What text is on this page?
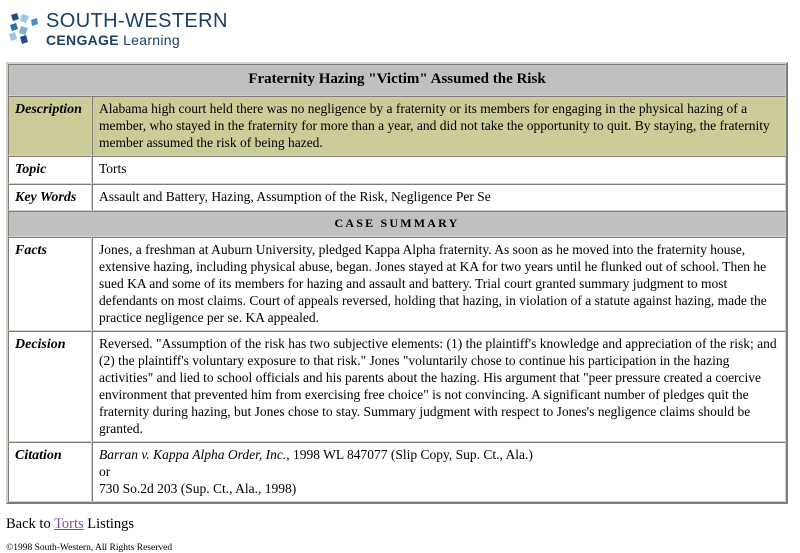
SOUTH-WESTERN
CENGAGE Learning
Fraternity Hazing "Victim" Assumed the Risk	
Description	Alabama high court held there was no negligence by a fraternity or its members for engaging in the physical hazing of a member, who stayed in the fraternity for more than a year, and did not take the opportunity to quit. By staying, the fraternity member assumed the risk of being hazed.
Topic	Torts
Key Words	Assault and Battery, Hazing, Assumption of the Risk, Negligence Per Se
CASE SUMMARY	
Facts	Jones, a freshman at Auburn University, pledged Kappa Alpha fraternity. As soon as he moved into the fraternity house, extensive hazing, including physical abuse, began. Jones stayed at KA for two years until he flunked out of school. Then he sued KA and some of its members for hazing and assault and battery. Trial court granted summary judgment to most defendants on most claims. Court of appeals reversed, holding that hazing, in violation of a statute against hazing, made the practice negligence per se. KA appealed.
Decision	Reversed. "Assumption of the risk has two subjective elements: (1) the plaintiff's knowledge and appreciation of the risk; and (2) the plaintiff's voluntary exposure to that risk." Jones "voluntarily chose to continue his participation in the hazing activities" and lied to school officials and his parents about the hazing. His argument that "peer pressure created a coercive environment that prevented him from exercising free choice" is not convincing. A significant number of pledges quit the fraternity during hazing, but Jones chose to stay. Summary judgment with respect to Jones's negligence claims should be granted.
Citation	Barran v. Kappa Alpha Order, Inc., 1998 WL 847077 (Slip Copy, Sup. Ct., Ala.)
or
730 So.2d 203 (Sup. Ct., Ala., 1998)
Back to Torts Listings
©1998 South-Western, All Rights Reserved
